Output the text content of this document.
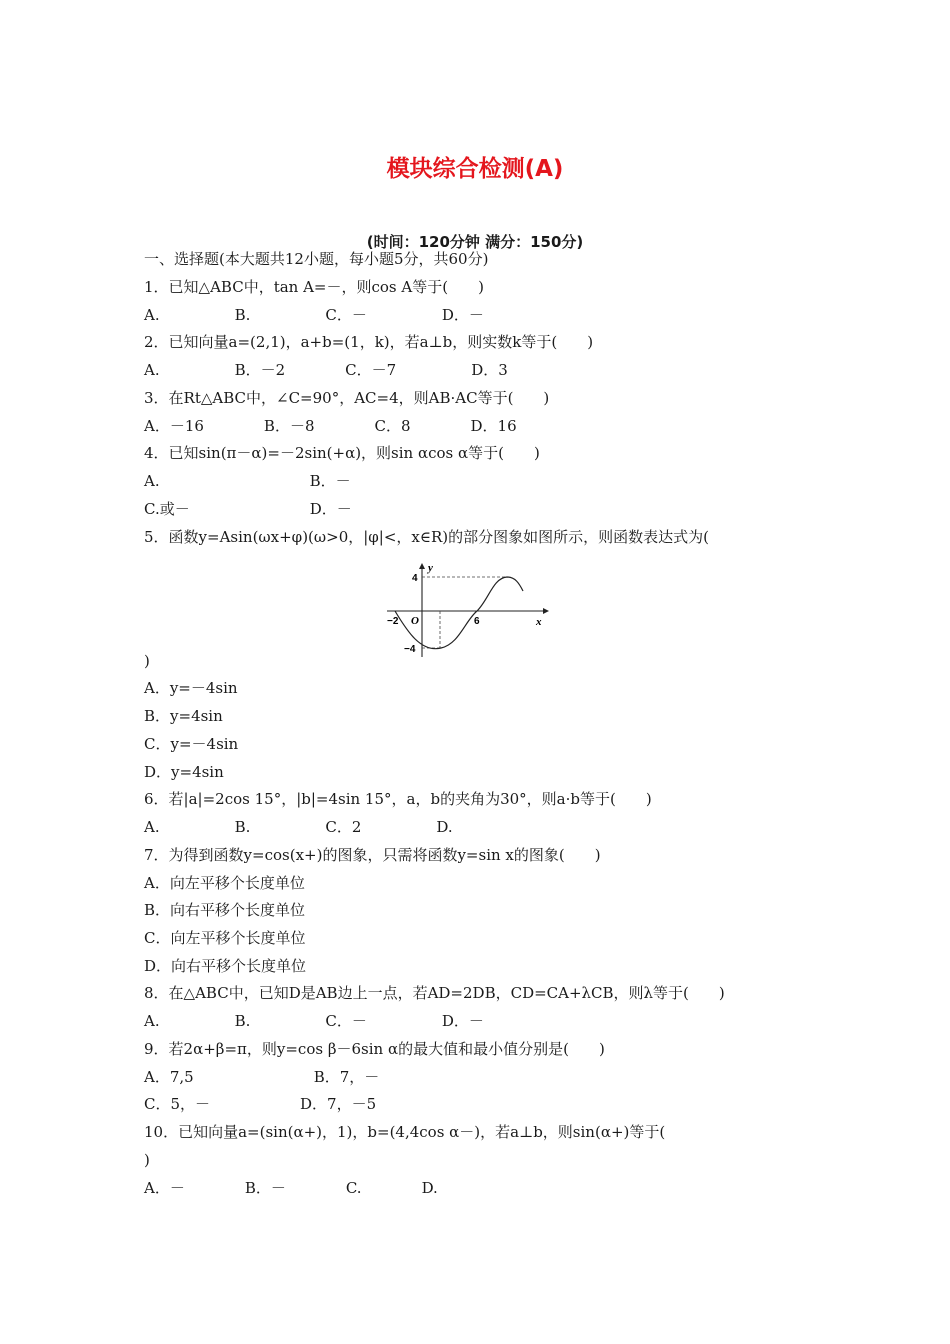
模块综合检测(A)
(时间：120分钟 满分：150分)
一、选择题(本大题共12小题，每小题5分，共60分)
1．已知△ABC中，tan A=－，则cos A等于(　　)
A.　　　　　B.　　　　　C．－　　　　　D．－
2．已知向量a=(2,1)，a+b=(1，k)，若a⊥b，则实数k等于(　　)
A.　　　　　B．－2　　　　C．－7　　　　　D．3
3．在Rt△ABC中，∠C=90°，AC=4，则AB·AC等于(　　)
A．－16　　　　B．－8　　　　C．8　　　　D．16
4．已知sin(π－α)=－2sin(+α)，则sin αcos α等于(　　)
A.　　　　　　　　　　B．－
C.或－　　　　　　　　D．－
5．函数y=Asin(ωx+φ)(ω>0，|φ|<，x∈R)的部分图象如图所示，则函数表达式为(
y
x
O
4
−4
−2	6
)
A．y=－4sin
B．y=4sin
C．y=－4sin
D．y=4sin
6．若|a|=2cos 15°，|b|=4sin 15°，a，b的夹角为30°，则a·b等于(　　)
A.　　　　　B.　　　　　C．2　　　　　D.
7．为得到函数y=cos(x+)的图象，只需将函数y=sin x的图象(　　)
A．向左平移个长度单位
B．向右平移个长度单位
C．向左平移个长度单位
D．向右平移个长度单位
8．在△ABC中，已知D是AB边上一点，若AD=2DB，CD=CA+λCB，则λ等于(　　)
A.　　　　　B.　　　　　C．－　　　　　D．－
9．若2α+β=π，则y=cos β－6sin α的最大值和最小值分别是(　　)
A．7,5　　　　　　　　B．7，－
C．5，－　　　　　　D．7，－5
10．已知向量a=(sin(α+)，1)，b=(4,4cos α－)，若a⊥b，则sin(α+)等于(
)
A．－　　　　B．－　　　　C.　　　　D.
